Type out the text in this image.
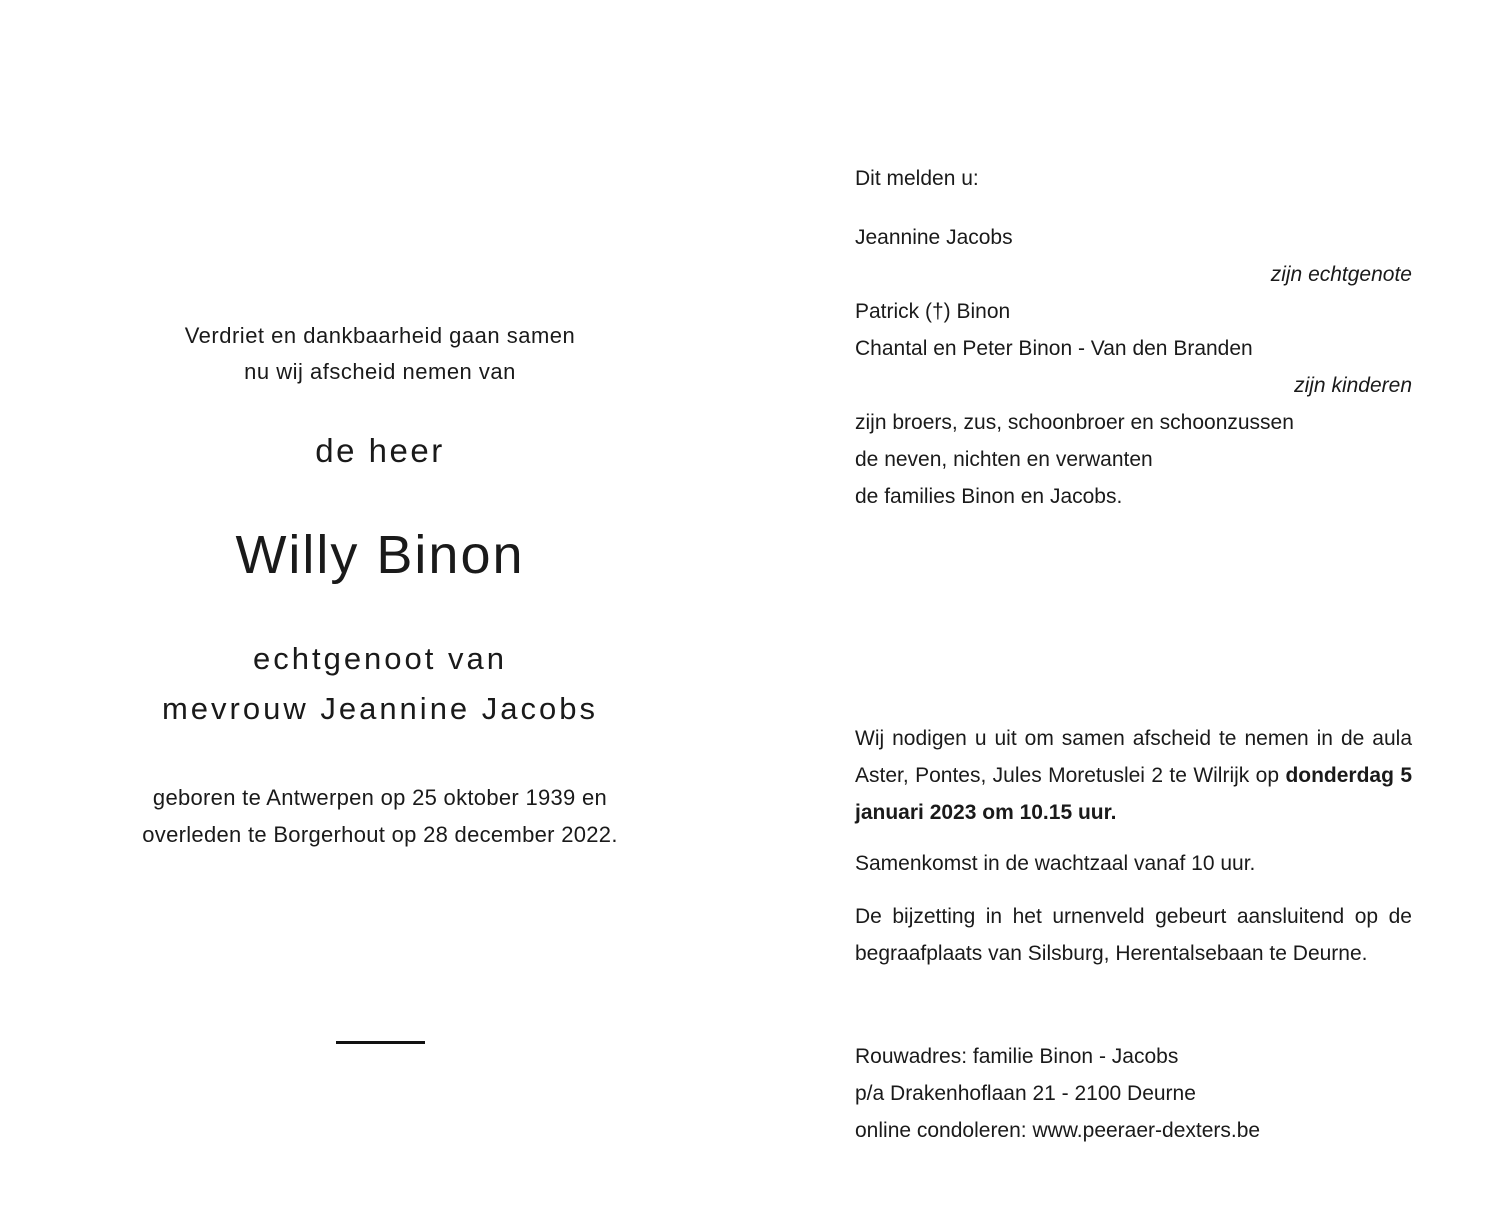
Verdriet en dankbaarheid gaan samen
nu wij afscheid nemen van
de heer
Willy Binon
echtgenoot van
mevrouw Jeannine Jacobs
geboren te Antwerpen op 25 oktober 1939 en
overleden te Borgerhout op 28 december 2022.
Dit melden u:
Jeannine Jacobs
zijn echtgenote
Patrick (†) Binon
Chantal en Peter Binon - Van den Branden
zijn kinderen
zijn broers, zus, schoonbroer en schoonzussen
de neven, nichten en verwanten
de families Binon en Jacobs.

Wij nodigen u uit om samen afscheid te nemen in de aula Aster, Pontes, Jules Moretuslei 2 te Wilrijk op donderdag 5 januari 2023 om 10.15 uur.

Samenkomst in de wachtzaal vanaf 10 uur.

De bijzetting in het urnenveld gebeurt aansluitend op de begraafplaats van Silsburg, Herentalsebaan te Deurne.

Rouwadres: familie Binon - Jacobs
p/a Drakenhoflaan 21 - 2100 Deurne
online condoleren: www.peeraer-dexters.be
